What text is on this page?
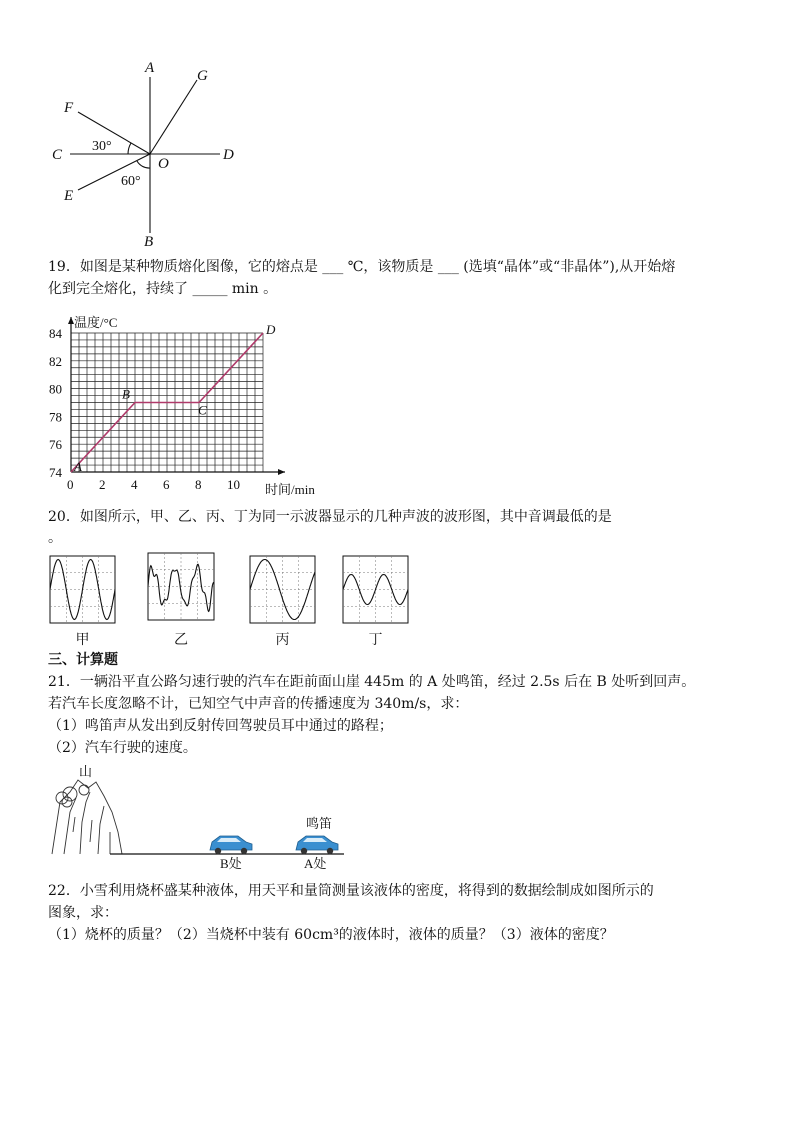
A	G
F
C
O
D
E
B
30°
60°
19．如图是某种物质熔化图像，它的熔点是 ___ ℃，该物质是 ___ (选填“晶体”或“非晶体”),从开始熔
化到完全熔化，持续了 _____ min 。
0 2 4 6 8 10
74
76
78
80
82
84
A
B
C
D
温度/°C
时间/min
20．如图所示，甲、乙、丙、丁为同一示波器显示的几种声波的波形图，其中音调最低的是
。
甲	乙	丙	丁
三、计算题
21．一辆沿平直公路匀速行驶的汽车在距前面山崖 445m 的 A 处鸣笛，经过 2.5s 后在 B 处听到回声。
若汽车长度忽略不计，已知空气中声音的传播速度为 340m/s，求：
（1）鸣笛声从发出到反射传回驾驶员耳中通过的路程；
（2）汽车行驶的速度。
山
B处
鸣笛
A处
22．小雪利用烧杯盛某种液体，用天平和量筒测量该液体的密度，将得到的数据绘制成如图所示的
图象，求：
（1）烧杯的质量？（2）当烧杯中装有 60cm³的液体时，液体的质量？（3）液体的密度？
